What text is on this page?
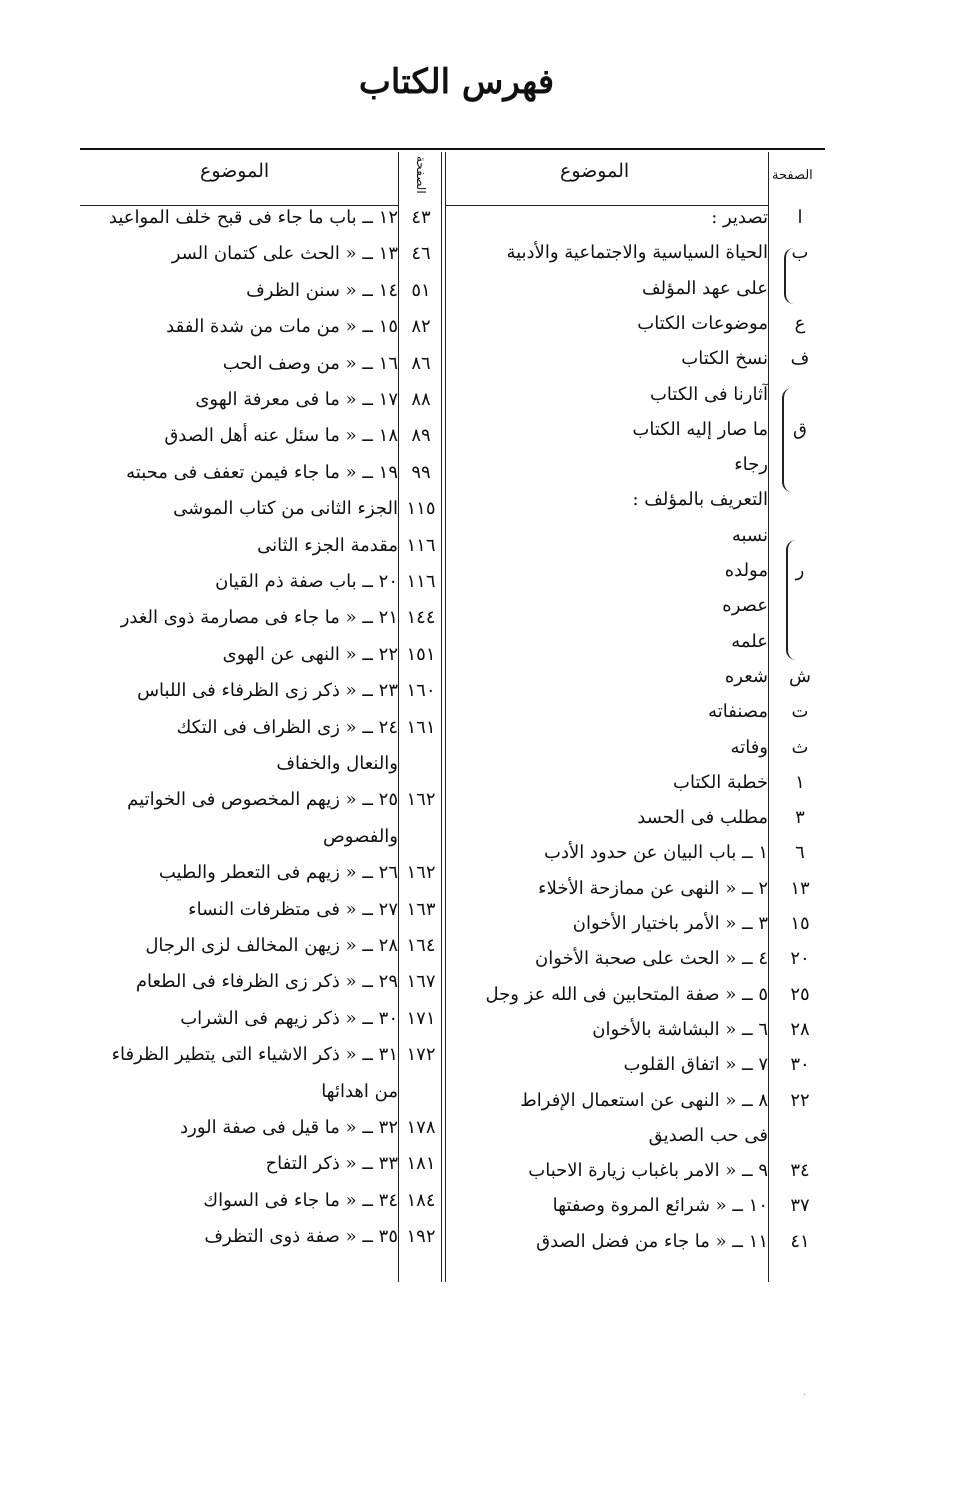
فهرس الكتاب
الموضوع	الصفحة
الموضوع	الصفحة
ا
تصدير :
ب
الحياة السياسية والاجتماعية والأدبية
على عهد المؤلف
ع
موضوعات الكتاب
ف
نسخ الكتاب
آثارنا فى الكتاب
ق
ما صار إليه الكتاب
رجاء
التعريف بالمؤلف :
نسبه
ر
مولده
عصره
علمه
ش
شعره
ت
مصنفاته
ث
وفاته
١
خطبة الكتاب
٣
مطلب فى الحسد
٦
١ ــ باب البيان عن حدود الأدب
١٣
٢ ــ « النهى عن ممازحة الأخلاء
١٥
٣ ــ « الأمر باختيار الأخوان
٢٠
٤ ــ « الحث على صحبة الأخوان
٢٥
٥ ــ « صفة المتحابين فى الله عز وجل
٢٨
٦ ــ « البشاشة بالأخوان
٣٠
٧ ــ « اتفاق القلوب
٢٢
٨ ــ « النهى عن استعمال الإفراط
فى حب الصديق
٣٤
٩ ــ « الامر باغباب زيارة الاحباب
٣٧
١٠ ــ « شرائع المروة وصفتها
٤١
١١ ــ « ما جاء من فضل الصدق
٤٣
١٢ ــ باب ما جاء فى قبح خلف المواعيد
٤٦
١٣ ــ « الحث على كتمان السر
٥١
١٤ ــ « سنن الظرف
٨٢
١٥ ــ « من مات من شدة الفقد
٨٦
١٦ ــ « من وصف الحب
٨٨
١٧ ــ « ما فى معرفة الهوى
٨٩
١٨ ــ « ما سئل عنه أهل الصدق
٩٩
١٩ ــ « ما جاء فيمن تعفف فى محبته
١١٥
الجزء الثانى من كتاب الموشى
١١٦
مقدمة الجزء الثانى
١١٦
٢٠ ــ باب صفة ذم القيان
١٤٤
٢١ ــ « ما جاء فى مصارمة ذوى الغدر
١٥١
٢٢ ــ « النهى عن الهوى
١٦٠
٢٣ ــ « ذكر زى الظرفاء فى اللباس
١٦١
٢٤ ــ « زى الظراف فى التكك
والنعال والخفاف
١٦٢
٢٥ ــ « زيهم المخصوص فى الخواتيم
والفصوص
١٦٢
٢٦ ــ « زيهم فى التعطر والطيب
١٦٣
٢٧ ــ « فى متظرفات النساء
١٦٤
٢٨ ــ « زيهن المخالف لزى الرجال
١٦٧
٢٩ ــ « ذكر زى الظرفاء فى الطعام
١٧١
٣٠ ــ « ذكر زيهم فى الشراب
١٧٢
٣١ ــ « ذكر الاشياء التى يتطير الظرفاء
من اهدائها
١٧٨
٣٢ ــ « ما قيل فى صفة الورد
١٨١
٣٣ ــ « ذكر التفاح
١٨٤
٣٤ ــ « ما جاء فى السواك
١٩٢
٣٥ ــ « صفة ذوى التظرف
·
